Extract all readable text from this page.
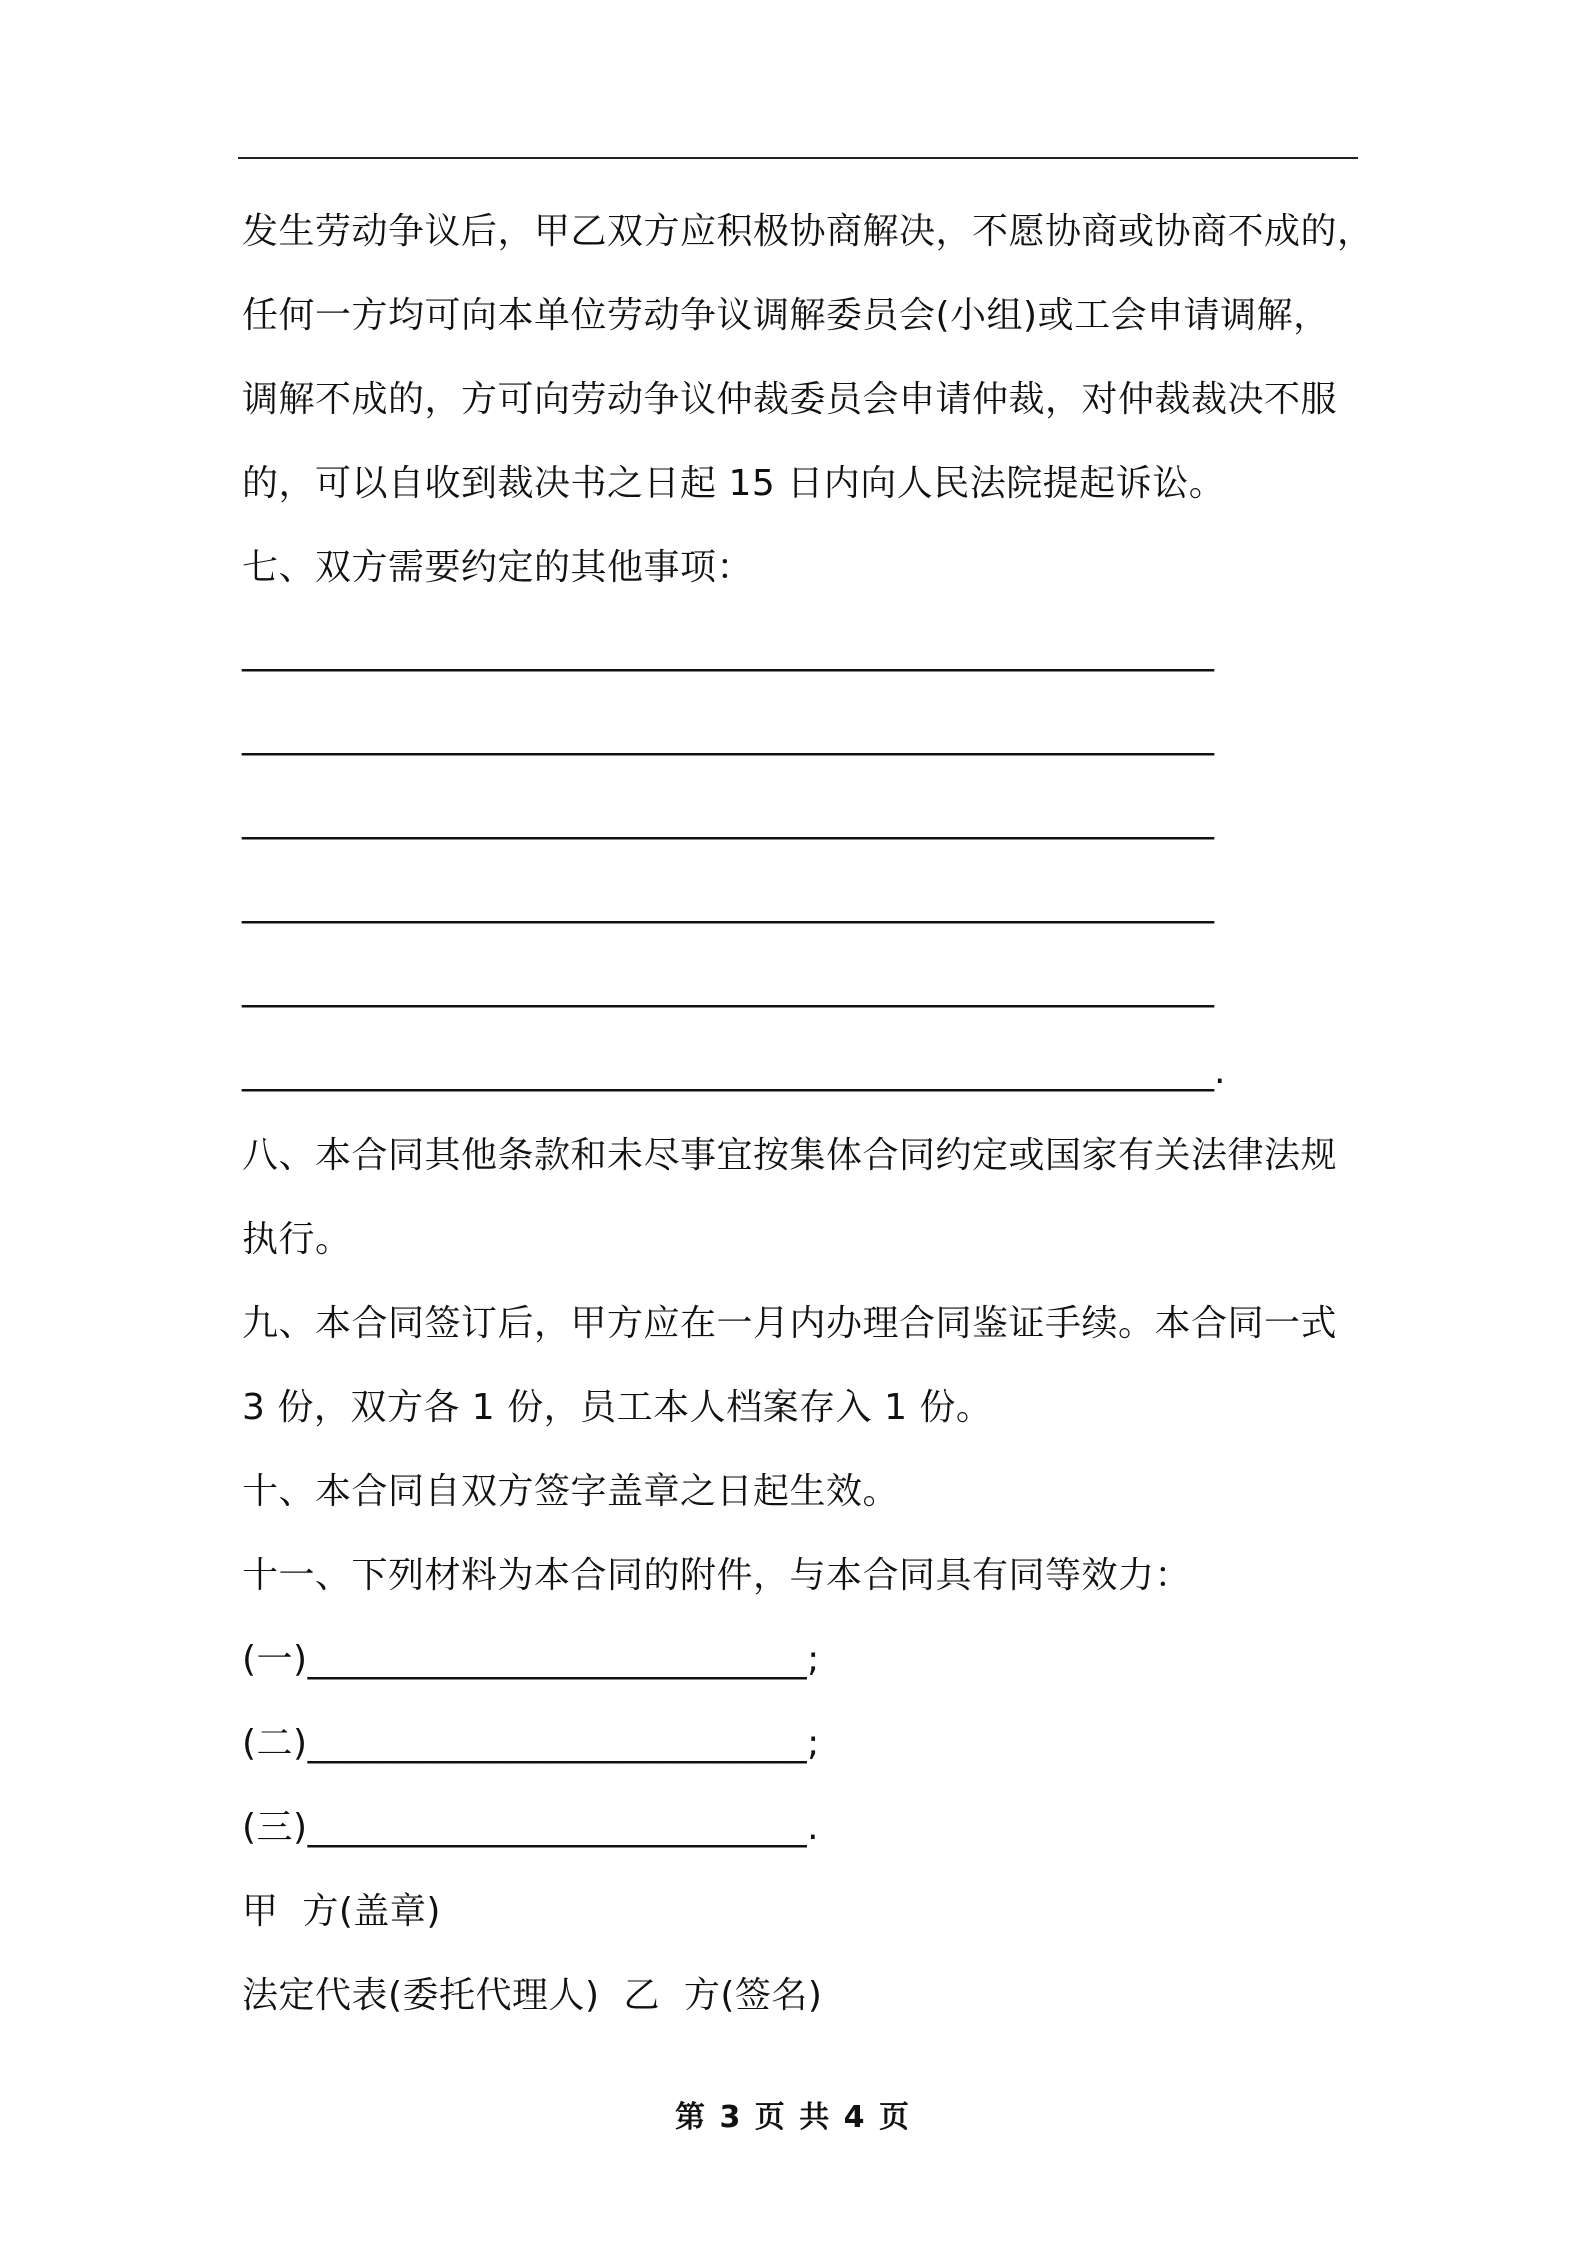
发生劳动争议后，甲乙双方应积极协商解决，不愿协商或协商不成的，
任何一方均可向本单位劳动争议调解委员会(小组)或工会申请调解，
调解不成的，方可向劳动争议仲裁委员会申请仲裁，对仲裁裁决不服
的，可以自收到裁决书之日起 15 日内向人民法院提起诉讼。
七、双方需要约定的其他事项：
______________________________________________________
______________________________________________________
______________________________________________________
______________________________________________________
______________________________________________________
______________________________________________________.
八、本合同其他条款和未尽事宜按集体合同约定或国家有关法律法规
执行。
九、本合同签订后，甲方应在一月内办理合同鉴证手续。本合同一式
3 份，双方各 1 份，员工本人档案存入 1 份。
十、本合同自双方签字盖章之日起生效。
十一、下列材料为本合同的附件，与本合同具有同等效力：
(一)___________________________;
(二)___________________________;
(三)___________________________.
甲  方(盖章)
法定代表(委托代理人)  乙  方(签名)
第 3 页 共 4 页
